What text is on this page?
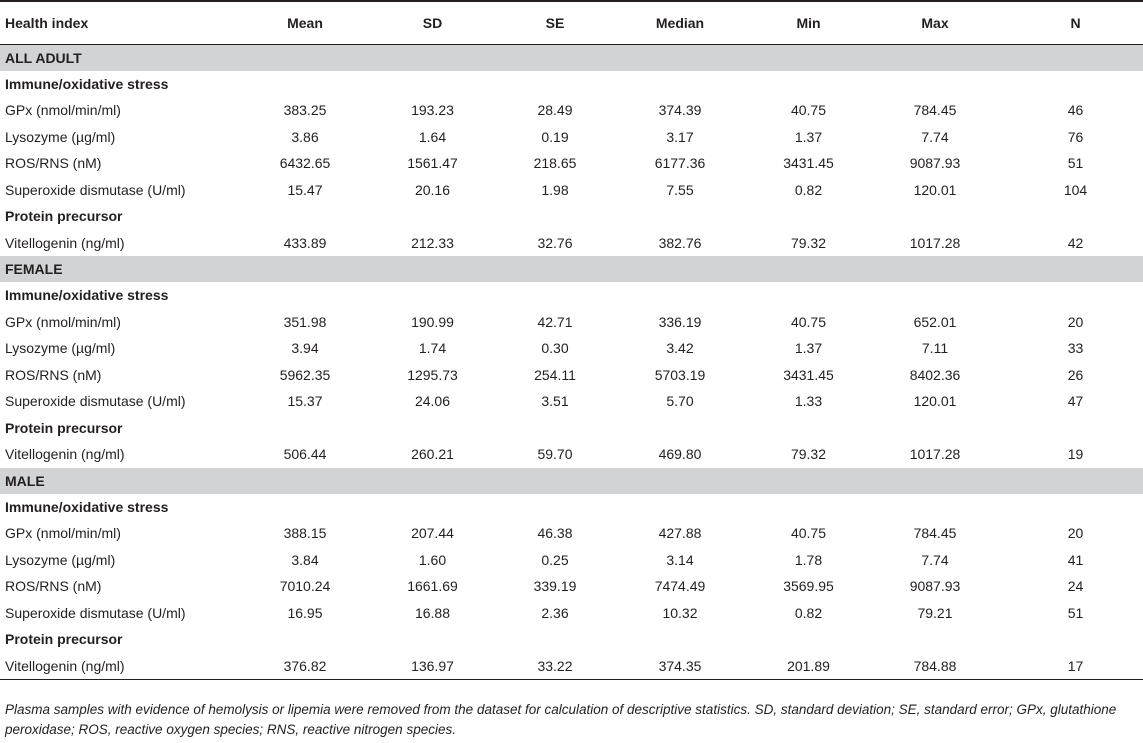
Health index	Mean	SD	SE	Median	Min	Max	N
ALL ADULT							
Immune/oxidative stress							
GPx (nmol/min/ml)	383.25	193.23	28.49	374.39	40.75	784.45	46
Lysozyme (µg/ml)	3.86	1.64	0.19	3.17	1.37	7.74	76
ROS/RNS (nM)	6432.65	1561.47	218.65	6177.36	3431.45	9087.93	51
Superoxide dismutase (U/ml)	15.47	20.16	1.98	7.55	0.82	120.01	104
Protein precursor							
Vitellogenin (ng/ml)	433.89	212.33	32.76	382.76	79.32	1017.28	42
FEMALE							
Immune/oxidative stress							
GPx (nmol/min/ml)	351.98	190.99	42.71	336.19	40.75	652.01	20
Lysozyme (µg/ml)	3.94	1.74	0.30	3.42	1.37	7.11	33
ROS/RNS (nM)	5962.35	1295.73	254.11	5703.19	3431.45	8402.36	26
Superoxide dismutase (U/ml)	15.37	24.06	3.51	5.70	1.33	120.01	47
Protein precursor							
Vitellogenin (ng/ml)	506.44	260.21	59.70	469.80	79.32	1017.28	19
MALE							
Immune/oxidative stress							
GPx (nmol/min/ml)	388.15	207.44	46.38	427.88	40.75	784.45	20
Lysozyme (µg/ml)	3.84	1.60	0.25	3.14	1.78	7.74	41
ROS/RNS (nM)	7010.24	1661.69	339.19	7474.49	3569.95	9087.93	24
Superoxide dismutase (U/ml)	16.95	16.88	2.36	10.32	0.82	79.21	51
Protein precursor							
Vitellogenin (ng/ml)	376.82	136.97	33.22	374.35	201.89	784.88	17
Plasma samples with evidence of hemolysis or lipemia were removed from the dataset for calculation of descriptive statistics. SD, standard deviation; SE, standard error; GPx, glutathione peroxidase; ROS, reactive oxygen species; RNS, reactive nitrogen species.
